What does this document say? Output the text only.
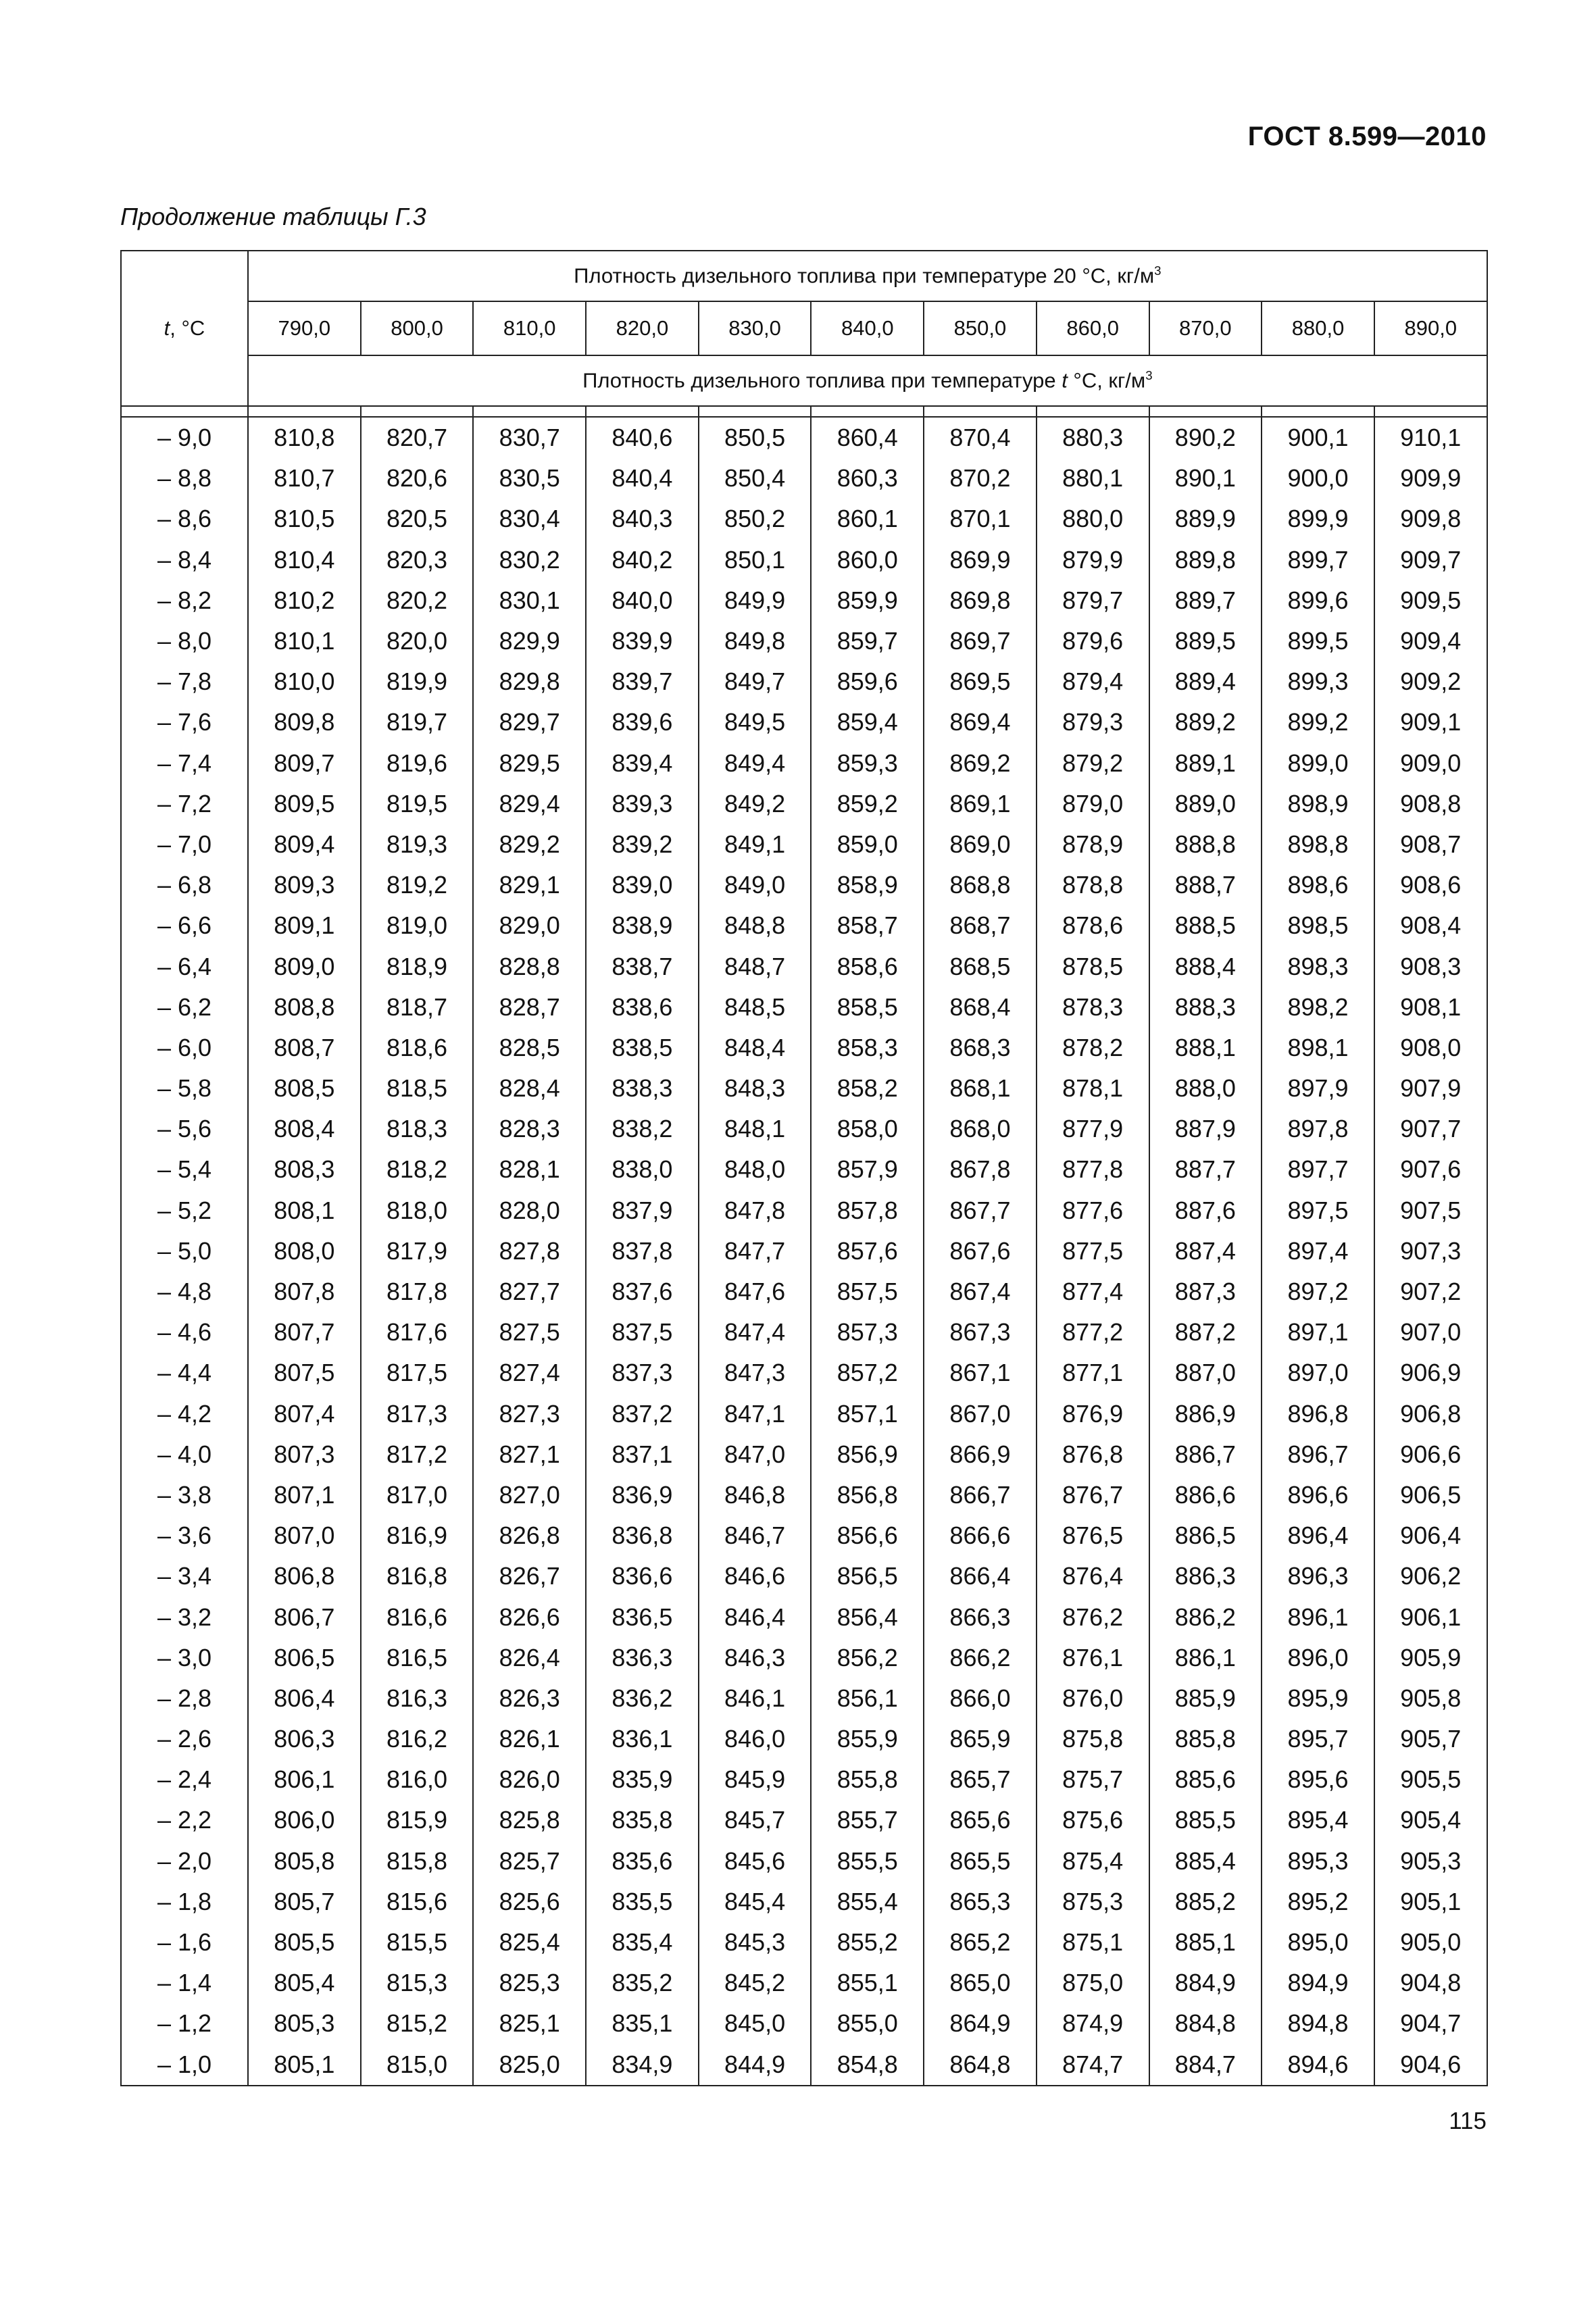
ГОСТ 8.599—2010
Продолжение таблицы Г.3
t, °C	Плотность дизельного топлива при температуре 20 °С, $кг/м^3$
	790,0	800,0	810,0	820,0	830,0	840,0	850,0	860,0	870,0	880,0	890,0
	Плотность дизельного топлива при температуре t °С, $кг/м^3$

– 9,0	810,8	820,7	830,7	840,6	850,5	860,4	870,4	880,3	890,2	900,1	910,1
– 8,8	810,7	820,6	830,5	840,4	850,4	860,3	870,2	880,1	890,1	900,0	909,9
– 8,6	810,5	820,5	830,4	840,3	850,2	860,1	870,1	880,0	889,9	899,9	909,8
– 8,4	810,4	820,3	830,2	840,2	850,1	860,0	869,9	879,9	889,8	899,7	909,7
– 8,2	810,2	820,2	830,1	840,0	849,9	859,9	869,8	879,7	889,7	899,6	909,5
– 8,0	810,1	820,0	829,9	839,9	849,8	859,7	869,7	879,6	889,5	899,5	909,4
– 7,8	810,0	819,9	829,8	839,7	849,7	859,6	869,5	879,4	889,4	899,3	909,2
– 7,6	809,8	819,7	829,7	839,6	849,5	859,4	869,4	879,3	889,2	899,2	909,1
– 7,4	809,7	819,6	829,5	839,4	849,4	859,3	869,2	879,2	889,1	899,0	909,0
– 7,2	809,5	819,5	829,4	839,3	849,2	859,2	869,1	879,0	889,0	898,9	908,8
– 7,0	809,4	819,3	829,2	839,2	849,1	859,0	869,0	878,9	888,8	898,8	908,7
– 6,8	809,3	819,2	829,1	839,0	849,0	858,9	868,8	878,8	888,7	898,6	908,6
– 6,6	809,1	819,0	829,0	838,9	848,8	858,7	868,7	878,6	888,5	898,5	908,4
– 6,4	809,0	818,9	828,8	838,7	848,7	858,6	868,5	878,5	888,4	898,3	908,3
– 6,2	808,8	818,7	828,7	838,6	848,5	858,5	868,4	878,3	888,3	898,2	908,1
– 6,0	808,7	818,6	828,5	838,5	848,4	858,3	868,3	878,2	888,1	898,1	908,0
– 5,8	808,5	818,5	828,4	838,3	848,3	858,2	868,1	878,1	888,0	897,9	907,9
– 5,6	808,4	818,3	828,3	838,2	848,1	858,0	868,0	877,9	887,9	897,8	907,7
– 5,4	808,3	818,2	828,1	838,0	848,0	857,9	867,8	877,8	887,7	897,7	907,6
– 5,2	808,1	818,0	828,0	837,9	847,8	857,8	867,7	877,6	887,6	897,5	907,5
– 5,0	808,0	817,9	827,8	837,8	847,7	857,6	867,6	877,5	887,4	897,4	907,3
– 4,8	807,8	817,8	827,7	837,6	847,6	857,5	867,4	877,4	887,3	897,2	907,2
– 4,6	807,7	817,6	827,5	837,5	847,4	857,3	867,3	877,2	887,2	897,1	907,0
– 4,4	807,5	817,5	827,4	837,3	847,3	857,2	867,1	877,1	887,0	897,0	906,9
– 4,2	807,4	817,3	827,3	837,2	847,1	857,1	867,0	876,9	886,9	896,8	906,8
– 4,0	807,3	817,2	827,1	837,1	847,0	856,9	866,9	876,8	886,7	896,7	906,6
– 3,8	807,1	817,0	827,0	836,9	846,8	856,8	866,7	876,7	886,6	896,6	906,5
– 3,6	807,0	816,9	826,8	836,8	846,7	856,6	866,6	876,5	886,5	896,4	906,4
– 3,4	806,8	816,8	826,7	836,6	846,6	856,5	866,4	876,4	886,3	896,3	906,2
– 3,2	806,7	816,6	826,6	836,5	846,4	856,4	866,3	876,2	886,2	896,1	906,1
– 3,0	806,5	816,5	826,4	836,3	846,3	856,2	866,2	876,1	886,1	896,0	905,9
– 2,8	806,4	816,3	826,3	836,2	846,1	856,1	866,0	876,0	885,9	895,9	905,8
– 2,6	806,3	816,2	826,1	836,1	846,0	855,9	865,9	875,8	885,8	895,7	905,7
– 2,4	806,1	816,0	826,0	835,9	845,9	855,8	865,7	875,7	885,6	895,6	905,5
– 2,2	806,0	815,9	825,8	835,8	845,7	855,7	865,6	875,6	885,5	895,4	905,4
– 2,0	805,8	815,8	825,7	835,6	845,6	855,5	865,5	875,4	885,4	895,3	905,3
– 1,8	805,7	815,6	825,6	835,5	845,4	855,4	865,3	875,3	885,2	895,2	905,1
– 1,6	805,5	815,5	825,4	835,4	845,3	855,2	865,2	875,1	885,1	895,0	905,0
– 1,4	805,4	815,3	825,3	835,2	845,2	855,1	865,0	875,0	884,9	894,9	904,8
– 1,2	805,3	815,2	825,1	835,1	845,0	855,0	864,9	874,9	884,8	894,8	904,7
– 1,0	805,1	815,0	825,0	834,9	844,9	854,8	864,8	874,7	884,7	894,6	904,6
115
